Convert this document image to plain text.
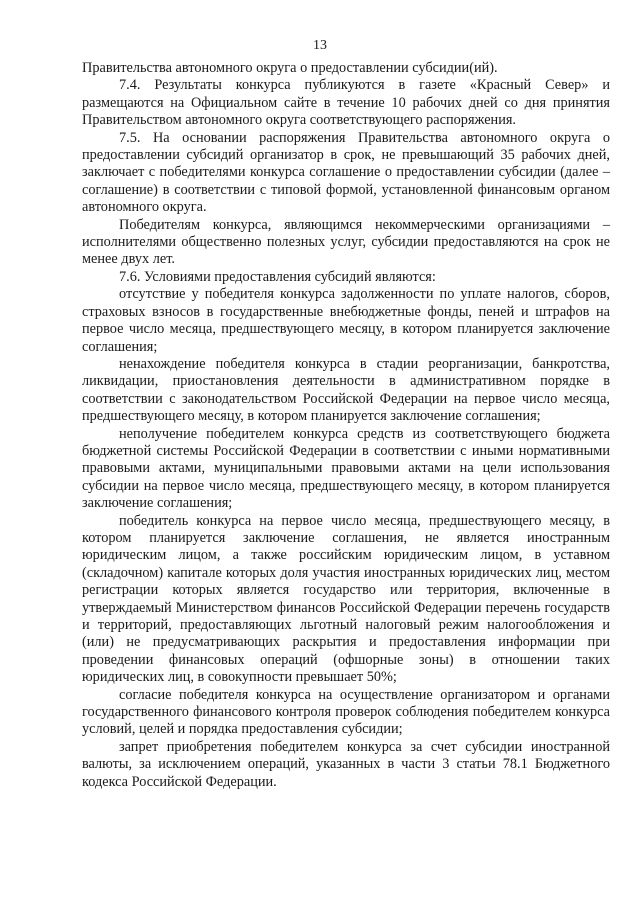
13

Правительства автономного округа о предоставлении субсидии(ий).

7.4. Результаты конкурса публикуются в газете «Красный Север» и размещаются на Официальном сайте в течение 10 рабочих дней со дня принятия Правительством автономного округа соответствующего распоряжения.

7.5. На основании распоряжения Правительства автономного округа о предоставлении субсидий организатор в срок, не превышающий 35 рабочих дней, заключает с победителями конкурса соглашение о предоставлении субсидии (далее – соглашение) в соответствии с типовой формой, установленной финансовым органом автономного округа.

Победителям конкурса, являющимся некоммерческими организациями – исполнителями общественно полезных услуг, субсидии предоставляются на срок не менее двух лет.

7.6. Условиями предоставления субсидий являются:

отсутствие у победителя конкурса задолженности по уплате налогов, сборов, страховых взносов в государственные внебюджетные фонды, пеней и штрафов на первое число месяца, предшествующего месяцу, в котором планируется заключение соглашения;

ненахождение победителя конкурса в стадии реорганизации, банкротства, ликвидации, приостановления деятельности в административном порядке в соответствии с законодательством Российской Федерации на первое число месяца, предшествующего месяцу, в котором планируется заключение соглашения;

неполучение победителем конкурса средств из соответствующего бюджета бюджетной системы Российской Федерации в соответствии с иными нормативными правовыми актами, муниципальными правовыми актами на цели использования субсидии на первое число месяца, предшествующего месяцу, в котором планируется заключение соглашения;

победитель конкурса на первое число месяца, предшествующего месяцу, в котором планируется заключение соглашения, не является иностранным юридическим лицом, а также российским юридическим лицом, в уставном (складочном) капитале которых доля участия иностранных юридических лиц, местом регистрации которых является государство или территория, включенные в утверждаемый Министерством финансов Российской Федерации перечень государств и территорий, предоставляющих льготный налоговый режим налогообложения и (или) не предусматривающих раскрытия и предоставления информации при проведении финансовых операций (офшорные зоны) в отношении таких юридических лиц, в совокупности превышает 50%;

согласие победителя конкурса на осуществление организатором и органами государственного финансового контроля проверок соблюдения победителем конкурса условий, целей и порядка предоставления субсидии;

запрет приобретения победителем конкурса за счет субсидии иностранной валюты, за исключением операций, указанных в части 3 статьи 78.1 Бюджетного кодекса Российской Федерации.
